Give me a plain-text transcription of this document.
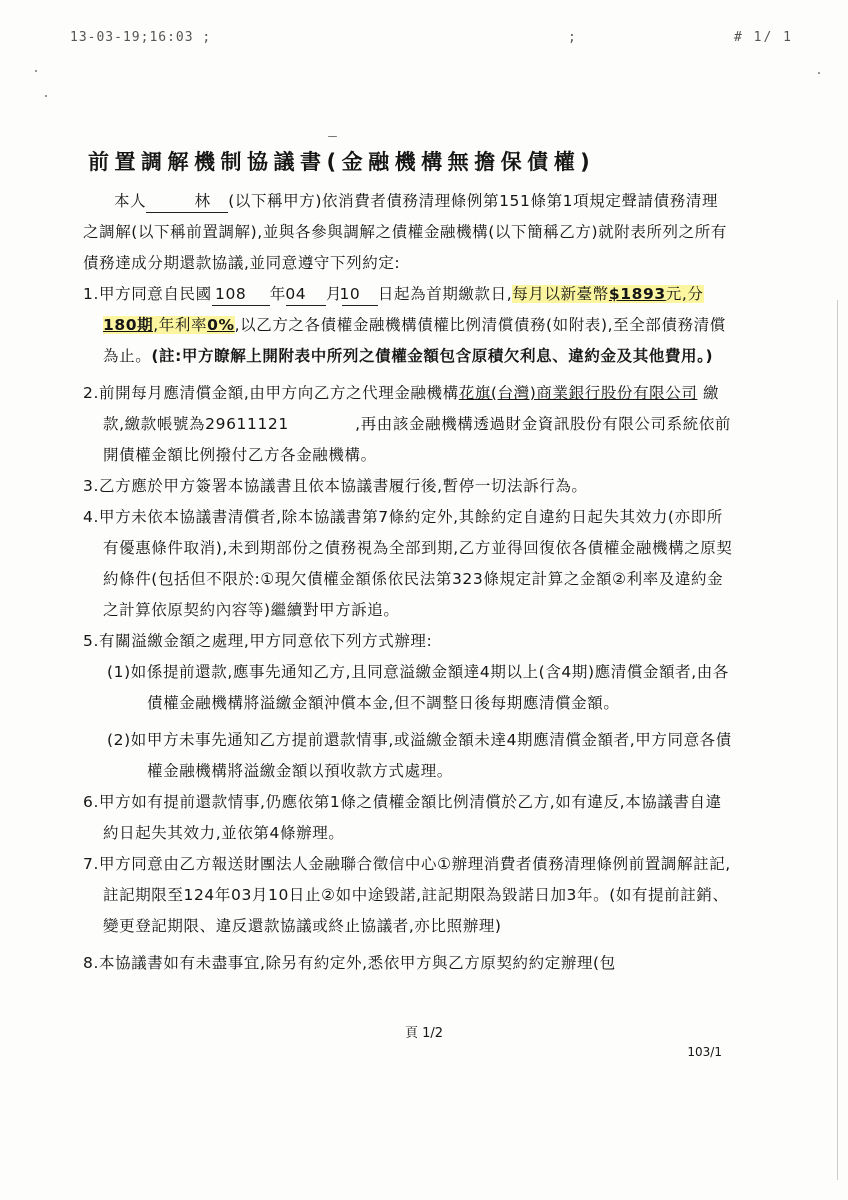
13-03-19;16:03 ;	;	# 1/ 1
前置調解機制協議書(金融機構無擔保債權)

本人	林 (以下稱甲方)依消費者債務清理條例第151條第1項規定聲請債務清理之調解(以下稱前置調解),並與各參與調解之債權金融機構(以下簡稱乙方)就附表所列之所有債務達成分期還款協議,並同意遵守下列約定:

1.甲方同意自民國 108 年04 月10 日起為首期繳款日,每月以新臺幣$1893元,分180期,年利率0%,以乙方之各債權金融機構債權比例清償債務(如附表),至全部債務清償為止。(註:甲方瞭解上開附表中所列之債權金額包含原積欠利息、違約金及其他費用。)

2.前開每月應清償金額,由甲方向乙方之代理金融機構花旗(台灣)商業銀行股份有限公司 繳款,繳款帳號為29611121	,再由該金融機構透過財金資訊股份有限公司系統依前開債權金額比例撥付乙方各金融機構。

3.乙方應於甲方簽署本協議書且依本協議書履行後,暫停一切法訴行為。

4.甲方未依本協議書清償者,除本協議書第7條約定外,其餘約定自違約日起失其效力(亦即所有優惠條件取消),未到期部份之債務視為全部到期,乙方並得回復依各債權金融機構之原契約條件(包括但不限於:①現欠債權金額係依民法第323條規定計算之金額②利率及違約金之計算依原契約內容等)繼續對甲方訴追。

5.有關溢繳金額之處理,甲方同意依下列方式辦理:

(1)如係提前還款,應事先通知乙方,且同意溢繳金額達4期以上(含4期)應清償金額者,由各債權金融機構將溢繳金額沖償本金,但不調整日後每期應清償金額。

(2)如甲方未事先通知乙方提前還款情事,或溢繳金額未達4期應清償金額者,甲方同意各債權金融機構將溢繳金額以預收款方式處理。

6.甲方如有提前還款情事,仍應依第1條之債權金額比例清償於乙方,如有違反,本協議書自違約日起失其效力,並依第4條辦理。

7.甲方同意由乙方報送財團法人金融聯合徵信中心①辦理消費者債務清理條例前置調解註記,註記期限至124年03月10日止②如中途毀諾,註記期限為毀諾日加3年。(如有提前註銷、變更登記期限、違反還款協議或終止協議者,亦比照辦理)

8.本協議書如有未盡事宜,除另有約定外,悉依甲方與乙方原契約約定辦理(包

頁 1/2
103/1
